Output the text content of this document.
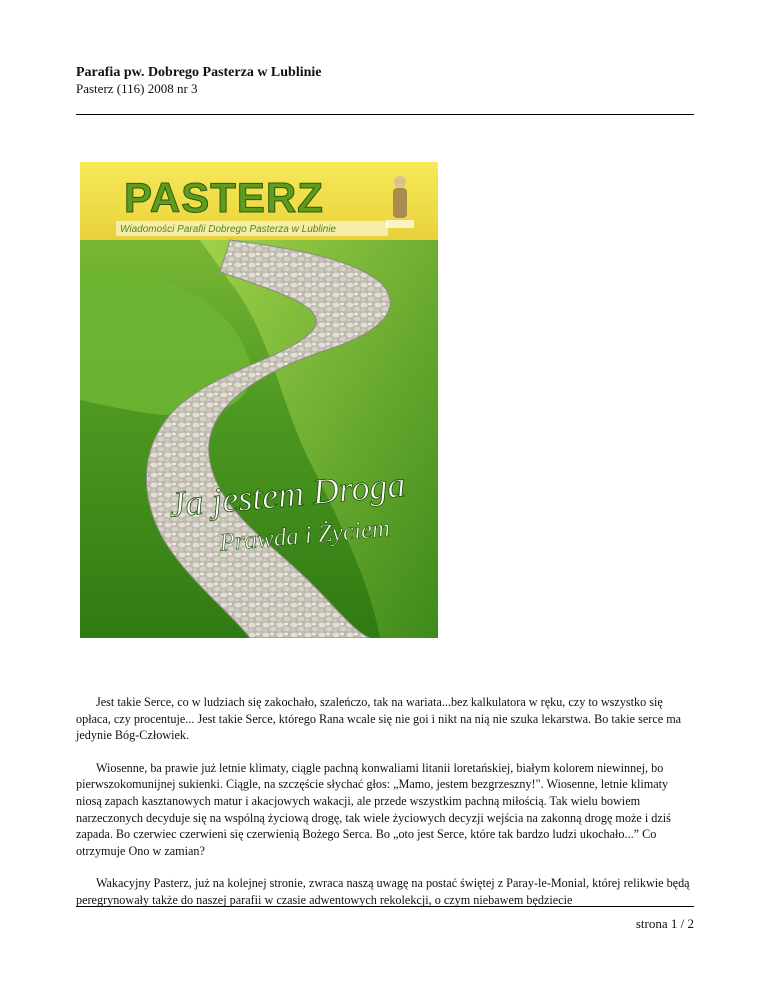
Parafia pw. Dobrego Pasterza w Lublinie
Pasterz (116) 2008 nr 3
PASTERZ
Wiadomości Parafii Dobrego Pasterza w Lublinie
Ja jestem Droga
Prawda i Życiem

Jest takie Serce, co w ludziach się zakochało, szaleńczo, tak na wariata...bez kalkulatora w ręku, czy to wszystko się opłaca, czy procentuje... Jest takie Serce, którego Rana wcale się nie goi i nikt na nią nie szuka lekarstwa. Bo takie serce ma jedynie Bóg-Człowiek.

Wiosenne, ba prawie już letnie klimaty, ciągle pachną konwaliami litanii loretańskiej, białym kolorem niewinnej, bo pierwszokomunijnej sukienki. Ciągle, na szczęście słychać głos: „Mamo, jestem bezgrzeszny!". Wiosenne, letnie klimaty niosą zapach kasztanowych matur i akacjowych wakacji, ale przede wszystkim pachną miłością. Tak wielu bowiem narzeczonych decyduje się na wspólną życiową drogę, tak wiele życiowych decyzji wejścia na zakonną drogę może i dziś zapada. Bo czerwiec czerwieni się czerwienią Bożego Serca. Bo „oto jest Serce, które tak bardzo ludzi ukochało...” Co otrzymuje Ono w zamian?

Wakacyjny Pasterz, już na kolejnej stronie, zwraca naszą uwagę na postać świętej z Paray-le-Monial, której relikwie będą peregrynowały także do naszej parafii w czasie adwentowych rekolekcji, o czym niebawem będziecie

strona 1 / 2
